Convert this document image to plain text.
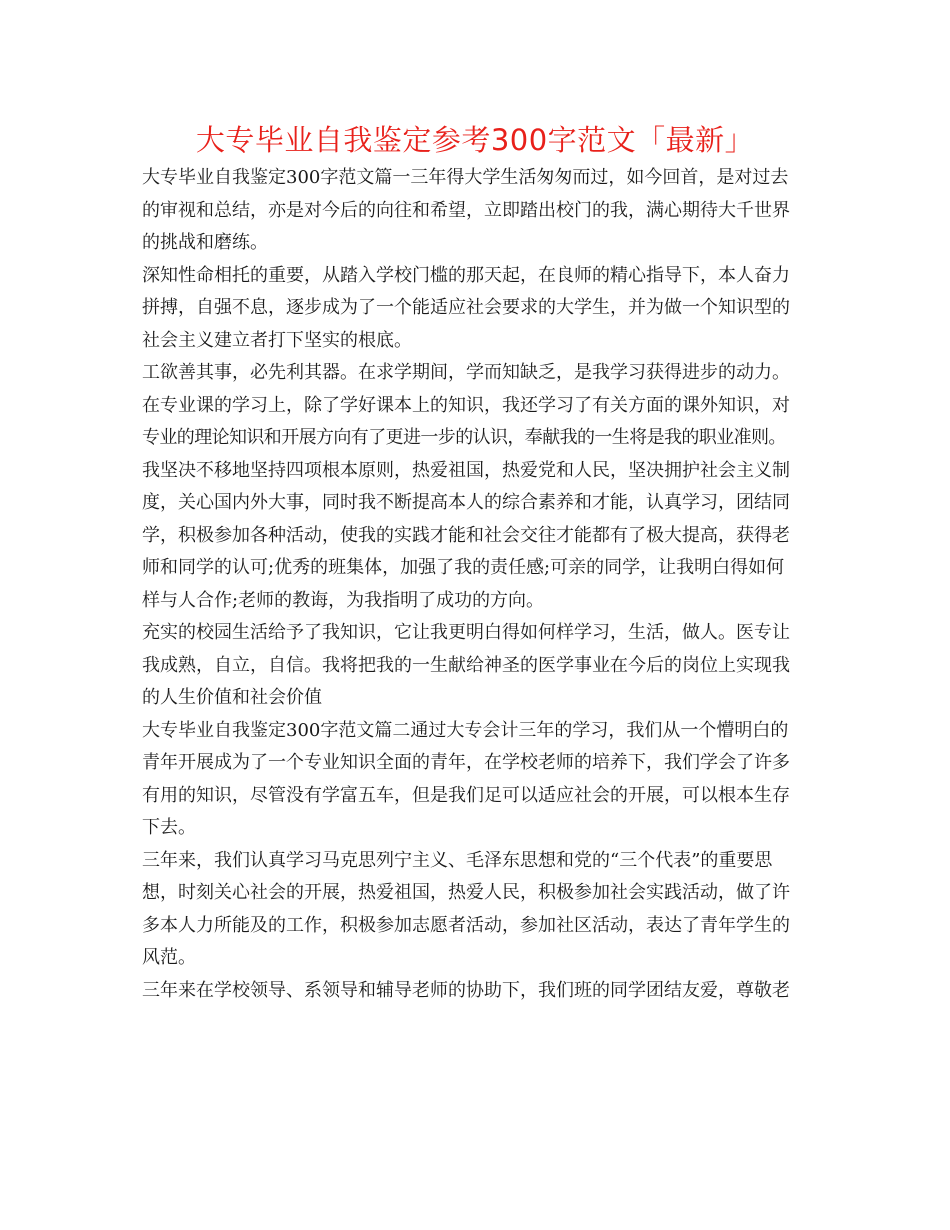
大专毕业自我鉴定参考300字范文「最新」
大专毕业自我鉴定300字范文篇一三年得大学生活匆匆而过，如今回首，是对过去
的审视和总结，亦是对今后的向往和希望，立即踏出校门的我，满心期待大千世界
的挑战和磨练。
深知性命相托的重要，从踏入学校门槛的那天起，在良师的精心指导下，本人奋力
拼搏，自强不息，逐步成为了一个能适应社会要求的大学生，并为做一个知识型的
社会主义建立者打下坚实的根底。
工欲善其事，必先利其器。在求学期间，学而知缺乏，是我学习获得进步的动力。
在专业课的学习上，除了学好课本上的知识，我还学习了有关方面的课外知识，对
专业的理论知识和开展方向有了更进一步的认识，奉献我的一生将是我的职业准则。
我坚决不移地坚持四项根本原则，热爱祖国，热爱党和人民，坚决拥护社会主义制
度，关心国内外大事，同时我不断提高本人的综合素养和才能，认真学习，团结同
学，积极参加各种活动，使我的实践才能和社会交往才能都有了极大提高，获得老
师和同学的认可;优秀的班集体，加强了我的责任感;可亲的同学，让我明白得如何
样与人合作;老师的教诲，为我指明了成功的方向。
充实的校园生活给予了我知识，它让我更明白得如何样学习，生活，做人。医专让
我成熟，自立，自信。我将把我的一生献给神圣的医学事业在今后的岗位上实现我
的人生价值和社会价值
大专毕业自我鉴定300字范文篇二通过大专会计三年的学习，我们从一个懵明白的
青年开展成为了一个专业知识全面的青年，在学校老师的培养下，我们学会了许多
有用的知识，尽管没有学富五车，但是我们足可以适应社会的开展，可以根本生存
下去。
三年来，我们认真学习马克思列宁主义、毛泽东思想和党的“三个代表”的重要思
想，时刻关心社会的开展，热爱祖国，热爱人民，积极参加社会实践活动，做了许
多本人力所能及的工作，积极参加志愿者活动，参加社区活动，表达了青年学生的
风范。
三年来在学校领导、系领导和辅导老师的协助下，我们班的同学团结友爱，尊敬老
